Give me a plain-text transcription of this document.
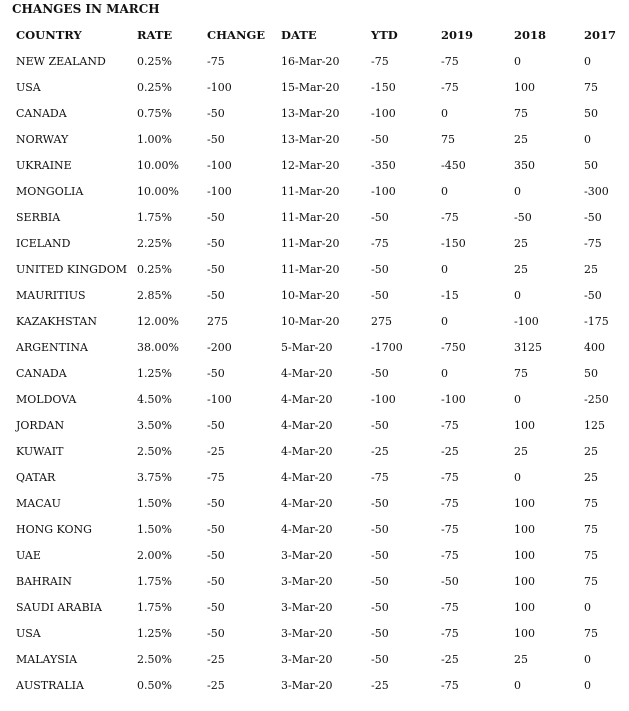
CHANGES IN MARCH
COUNTRY	RATE	CHANGE	DATE	YTD	2019	2018	2017
NEW ZEALAND	0.25%	-75	16-Mar-20	-75	-75	0	0
USA	0.25%	-100	15-Mar-20	-150	-75	100	75
CANADA	0.75%	-50	13-Mar-20	-100	0	75	50
NORWAY	1.00%	-50	13-Mar-20	-50	75	25	0
UKRAINE	10.00%	-100	12-Mar-20	-350	-450	350	50
MONGOLIA	10.00%	-100	11-Mar-20	-100	0	0	-300
SERBIA	1.75%	-50	11-Mar-20	-50	-75	-50	-50
ICELAND	2.25%	-50	11-Mar-20	-75	-150	25	-75
UNITED KINGDOM	0.25%	-50	11-Mar-20	-50	0	25	25
MAURITIUS	2.85%	-50	10-Mar-20	-50	-15	0	-50
KAZAKHSTAN	12.00%	275	10-Mar-20	275	0	-100	-175
ARGENTINA	38.00%	-200	5-Mar-20	-1700	-750	3125	400
CANADA	1.25%	-50	4-Mar-20	-50	0	75	50
MOLDOVA	4.50%	-100	4-Mar-20	-100	-100	0	-250
JORDAN	3.50%	-50	4-Mar-20	-50	-75	100	125
KUWAIT	2.50%	-25	4-Mar-20	-25	-25	25	25
QATAR	3.75%	-75	4-Mar-20	-75	-75	0	25
MACAU	1.50%	-50	4-Mar-20	-50	-75	100	75
HONG KONG	1.50%	-50	4-Mar-20	-50	-75	100	75
UAE	2.00%	-50	3-Mar-20	-50	-75	100	75
BAHRAIN	1.75%	-50	3-Mar-20	-50	-50	100	75
SAUDI ARABIA	1.75%	-50	3-Mar-20	-50	-75	100	0
USA	1.25%	-50	3-Mar-20	-50	-75	100	75
MALAYSIA	2.50%	-25	3-Mar-20	-50	-25	25	0
AUSTRALIA	0.50%	-25	3-Mar-20	-25	-75	0	0
